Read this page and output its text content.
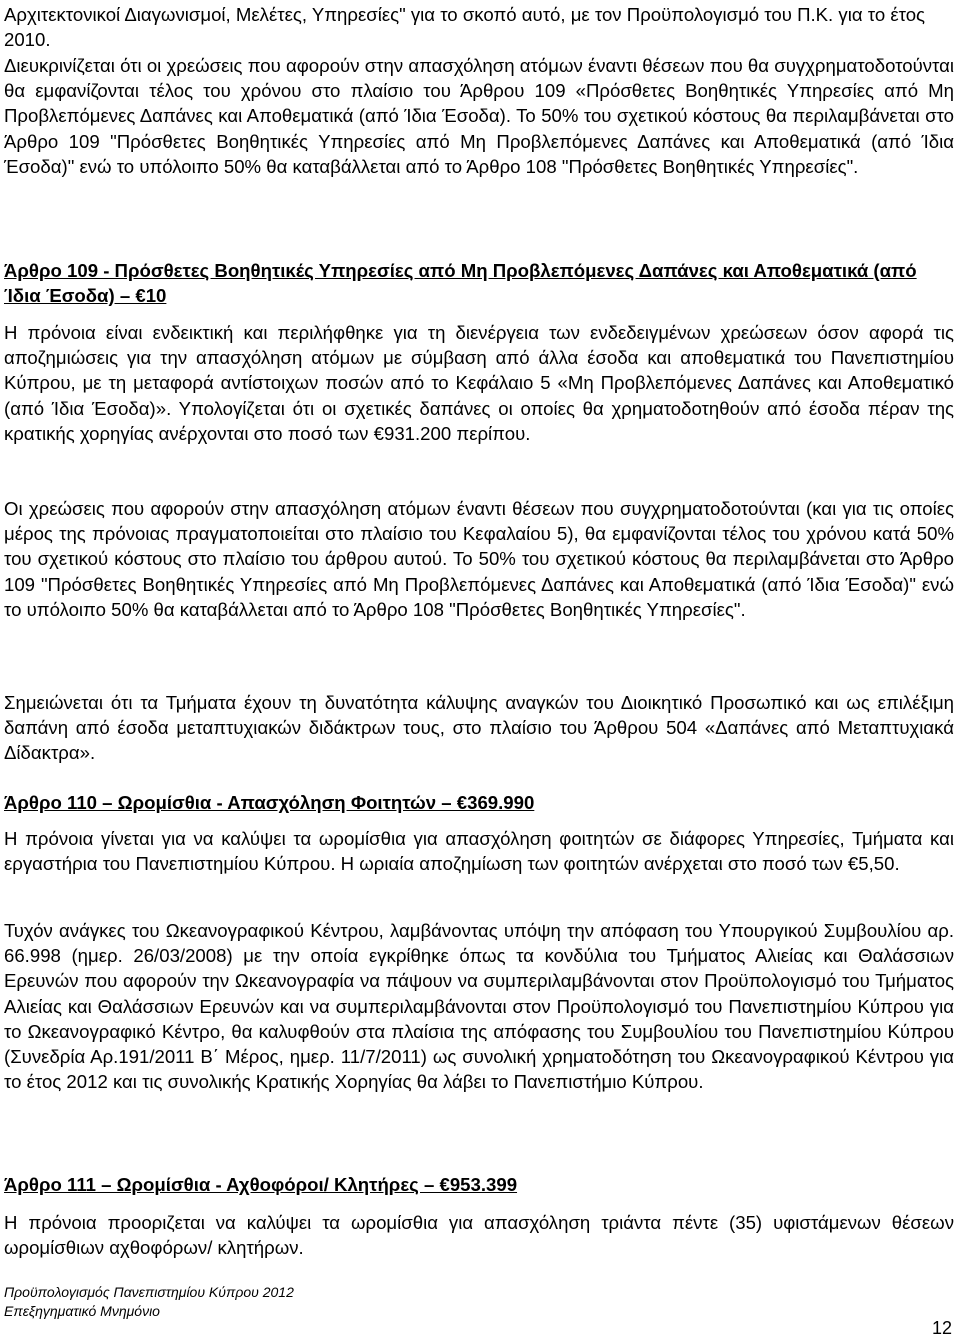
Αρχιτεκτονικοί Διαγωνισμοί, Μελέτες, Υπηρεσίες" για το σκοπό αυτό, με τον Προϋπολογισμό του Π.Κ. για το έτος 2010.

Διευκρινίζεται ότι οι χρεώσεις που αφορούν στην απασχόληση ατόμων έναντι θέσεων που θα συγχρηματοδοτούνται θα εμφανίζονται τέλος του χρόνου στο πλαίσιο του Άρθρου 109 «Πρόσθετες Βοηθητικές Υπηρεσίες από Μη Προβλεπόμενες Δαπάνες και Αποθεματικά (από Ίδια Έσοδα). Το 50% του σχετικού κόστους θα περιλαμβάνεται στο Άρθρο 109 "Πρόσθετες Βοηθητικές Υπηρεσίες από Μη Προβλεπόμενες Δαπάνες και Αποθεματικά (από Ίδια Έσοδα)" ενώ το υπόλοιπο 50% θα καταβάλλεται από το Άρθρο 108 "Πρόσθετες Βοηθητικές Υπηρεσίες".

Άρθρο 109 - Πρόσθετες Βοηθητικές Υπηρεσίες από Μη Προβλεπόμενες Δαπάνες και Αποθεματικά (από Ίδια Έσοδα) – €10

Η πρόνοια είναι ενδεικτική και περιλήφθηκε για τη διενέργεια των ενδεδειγμένων χρεώσεων όσον αφορά τις αποζημιώσεις για την απασχόληση ατόμων με σύμβαση από άλλα έσοδα και αποθεματικά του Πανεπιστημίου Κύπρου, με τη μεταφορά αντίστοιχων ποσών από το Κεφάλαιο 5 «Μη Προβλεπόμενες Δαπάνες και Αποθεματικό (από Ίδια Έσοδα)». Υπολογίζεται ότι οι σχετικές δαπάνες οι οποίες θα χρηματοδοτηθούν από έσοδα πέραν της κρατικής χορηγίας ανέρχονται στο ποσό των €931.200 περίπου.

Οι χρεώσεις που αφορούν στην απασχόληση ατόμων έναντι θέσεων που συγχρηματοδοτούνται (και για τις οποίες μέρος της πρόνοιας πραγματοποιείται στο πλαίσιο του Κεφαλαίου 5), θα εμφανίζονται τέλος του χρόνου κατά 50% του σχετικού κόστους στο πλαίσιο του άρθρου αυτού. Το 50% του σχετικού κόστους θα περιλαμβάνεται στο Άρθρο 109 "Πρόσθετες Βοηθητικές Υπηρεσίες από Μη Προβλεπόμενες Δαπάνες και Αποθεματικά (από Ίδια Έσοδα)" ενώ το υπόλοιπο 50% θα καταβάλλεται από το Άρθρο 108 "Πρόσθετες Βοηθητικές Υπηρεσίες".

Σημειώνεται ότι τα Τμήματα έχουν τη δυνατότητα κάλυψης αναγκών του Διοικητικό Προσωπικό και ως επιλέξιμη δαπάνη από έσοδα μεταπτυχιακών διδάκτρων τους, στο πλαίσιο του Άρθρου 504 «Δαπάνες από Μεταπτυχιακά Δίδακτρα».

Άρθρο 110 – Ωρομίσθια - Απασχόληση Φοιτητών – €369.990

Η πρόνοια γίνεται για να καλύψει τα ωρομίσθια για απασχόληση φοιτητών σε διάφορες Υπηρεσίες, Τμήματα και εργαστήρια του Πανεπιστημίου Κύπρου. Η ωριαία αποζημίωση των φοιτητών ανέρχεται στο ποσό των €5,50.

Τυχόν ανάγκες του Ωκεανογραφικού Κέντρου, λαμβάνοντας υπόψη την απόφαση του Υπουργικού Συμβουλίου αρ. 66.998 (ημερ. 26/03/2008) με την οποία εγκρίθηκε όπως τα κονδύλια του Τμήματος Αλιείας και Θαλάσσιων Ερευνών που αφορούν την Ωκεανογραφία να πάψουν να συμπεριλαμβάνονται στον Προϋπολογισμό του Τμήματος Αλιείας και Θαλάσσιων Ερευνών και να συμπεριλαμβάνονται στον Προϋπολογισμό του Πανεπιστημίου Κύπρου για το Ωκεανογραφικό Κέντρο, θα καλυφθούν στα πλαίσια της απόφασης του Συμβουλίου του Πανεπιστημίου Κύπρου (Συνεδρία Αρ.191/2011 Β΄ Μέρος, ημερ. 11/7/2011) ως συνολική χρηματοδότηση του Ωκεανογραφικού Κέντρου για το έτος 2012 και τις συνολικής Κρατικής Χορηγίας θα λάβει το Πανεπιστήμιο Κύπρου.

Άρθρο 111 – Ωρομίσθια - Αχθοφόροι/ Κλητήρες – €953.399

Η πρόνοια προοριζεται να καλύψει τα ωρομίσθια για απασχόληση τριάντα πέντε (35) υφιστάμενων θέσεων ωρομίσθιων αχθοφόρων/ κλητήρων.

Προϋπολογισμός Πανεπιστημίου Κύπρου 2012
Επεξηγηματικό Μνημόνιο
12
